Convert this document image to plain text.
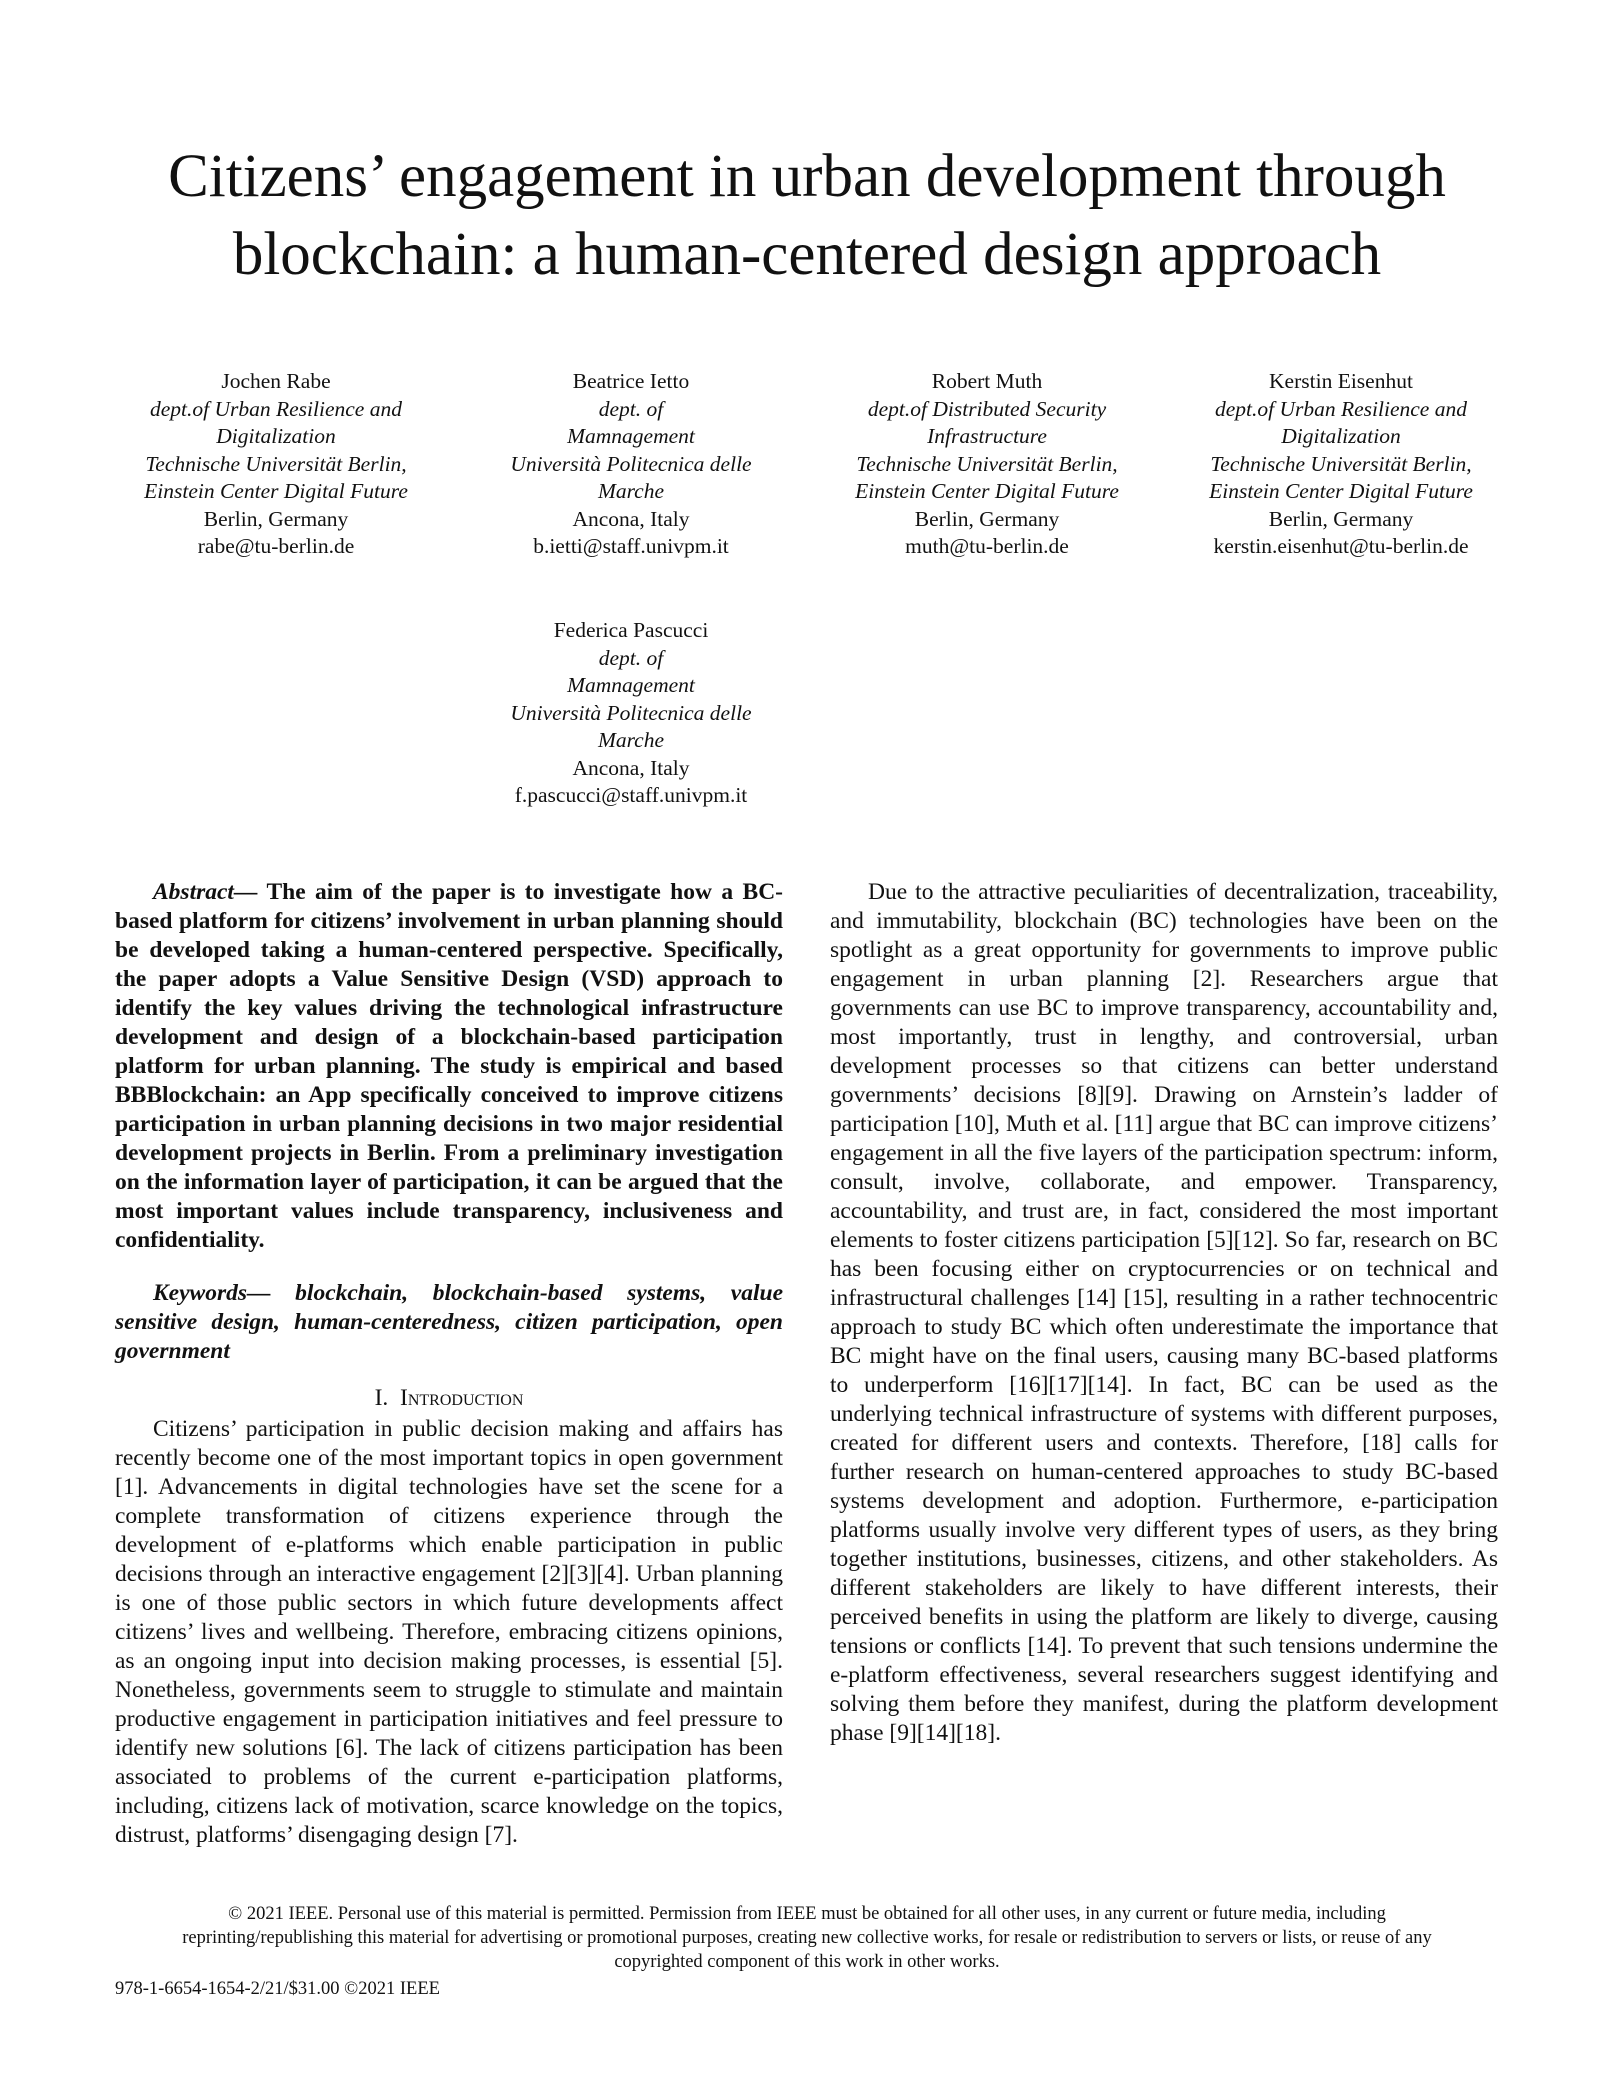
Citizens’ engagement in urban development through
blockchain: a human-centered design approach
Jochen Rabe
dept.of Urban Resilience and
Digitalization
Technische Universität Berlin,
Einstein Center Digital Future
Berlin, Germany
rabe@tu-berlin.de
Beatrice Ietto
dept. of
Mamnagement
Università Politecnica delle
Marche
Ancona, Italy
b.ietti@staff.univpm.it
Robert Muth
dept.of Distributed Security
Infrastructure
Technische Universität Berlin,
Einstein Center Digital Future
Berlin, Germany
muth@tu-berlin.de
Kerstin Eisenhut
dept.of Urban Resilience and
Digitalization
Technische Universität Berlin,
Einstein Center Digital Future
Berlin, Germany
kerstin.eisenhut@tu-berlin.de
Federica Pascucci
dept. of
Mamnagement
Università Politecnica delle
Marche
Ancona, Italy
f.pascucci@staff.univpm.it

Abstract— The aim of the paper is to investigate how a BC-based platform for citizens’ involvement in urban planning should be developed taking a human-centered perspective. Specifically, the paper adopts a Value Sensitive Design (VSD) approach to identify the key values driving the technological infrastructure development and design of a blockchain-based participation platform for urban planning. The study is empirical and based BBBlockchain: an App specifically conceived to improve citizens participation in urban planning decisions in two major residential development projects in Berlin. From a preliminary investigation on the information layer of participation, it can be argued that the most important values include transparency, inclusiveness and confidentiality.

Keywords— blockchain, blockchain-based systems, value sensitive design, human-centeredness, citizen participation, open government

I. Introduction

Citizens’ participation in public decision making and affairs has recently become one of the most important topics in open government [1]. Advancements in digital technologies have set the scene for a complete transformation of citizens experience through the development of e-platforms which enable participation in public decisions through an interactive engagement [2][3][4]. Urban planning is one of those public sectors in which future developments affect citizens’ lives and wellbeing. Therefore, embracing citizens opinions, as an ongoing input into decision making processes, is essential [5]. Nonetheless, governments seem to struggle to stimulate and maintain productive engagement in participation initiatives and feel pressure to identify new solutions [6]. The lack of citizens participation has been associated to problems of the current e-participation platforms, including, citizens lack of motivation, scarce knowledge on the topics, distrust, platforms’ disengaging design [7].

Due to the attractive peculiarities of decentralization, traceability, and immutability, blockchain (BC) technologies have been on the spotlight as a great opportunity for governments to improve public engagement in urban planning [2]. Researchers argue that governments can use BC to improve transparency, accountability and, most importantly, trust in lengthy, and controversial, urban development processes so that citizens can better understand governments’ decisions [8][9]. Drawing on Arnstein’s ladder of participation [10], Muth et al. [11] argue that BC can improve citizens’ engagement in all the five layers of the participation spectrum: inform, consult, involve, collaborate, and empower. Transparency, accountability, and trust are, in fact, considered the most important elements to foster citizens participation [5][12]. So far, research on BC has been focusing either on cryptocurrencies or on technical and infrastructural challenges [14] [15], resulting in a rather technocentric approach to study BC which often underestimate the importance that BC might have on the final users, causing many BC-based platforms to underperform [16][17][14]. In fact, BC can be used as the underlying technical infrastructure of systems with different purposes, created for different users and contexts. Therefore, [18] calls for further research on human-centered approaches to study BC-based systems development and adoption. Furthermore, e-participation platforms usually involve very different types of users, as they bring together institutions, businesses, citizens, and other stakeholders. As different stakeholders are likely to have different interests, their perceived benefits in using the platform are likely to diverge, causing tensions or conflicts [14]. To prevent that such tensions undermine the e-platform effectiveness, several researchers suggest identifying and solving them before they manifest, during the platform development phase [9][14][18].

© 2021 IEEE. Personal use of this material is permitted. Permission from IEEE must be obtained for all other uses, in any current or future media, including reprinting/republishing this material for advertising or promotional purposes, creating new collective works, for resale or redistribution to servers or lists, or reuse of any copyrighted component of this work in other works.
978-1-6654-1654-2/21/$31.00 ©2021 IEEE
